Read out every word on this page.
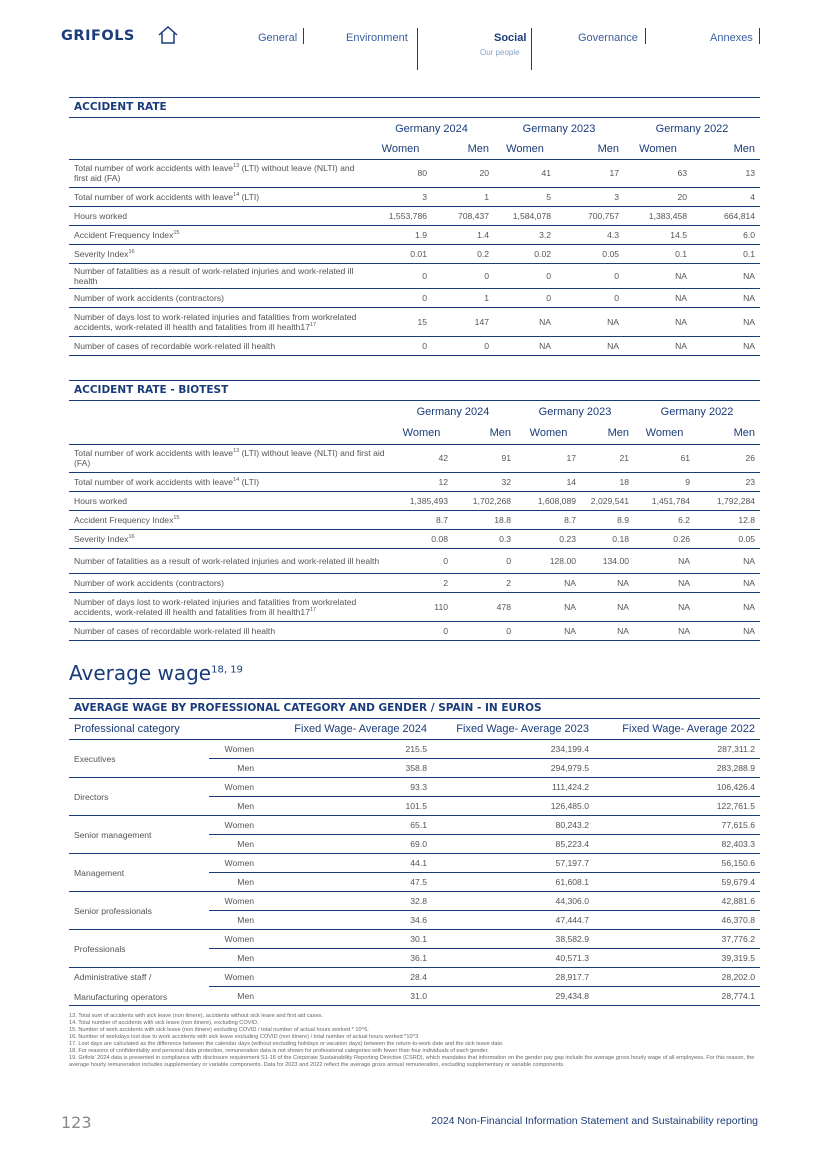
GRIFOLS	General	Environment	Social
Our people
Governance	Annexes
ACCIDENT RATE
	Germany 2024		Germany 2023		Germany 2022	
	Women	Men	Women	Men	Women	Men
Total number of work accidents with leave$^{13}$ (LTI) without leave (NLTI) and first aid (FA)	80	20	41	17	63	13
Total number of work accidents with leave$^{14}$ (LTI)	3	1	5	3	20	4
Hours worked	1,553,786	708,437	1,584,078	700,757	1,383,458	664,814
Accident Frequency Index$^{15}$	1.9	1.4	3.2	4.3	14.5	6.0
Severity Index$^{16}$	0.01	0.2	0.02	0.05	0.1	0.1
Number of fatalities as a result of work-related injuries and work-related ill health	0	0	0	0	NA	NA
Number of work accidents (contractors)	0	1	0	0	NA	NA
Number of days lost to work-related injuries and fatalities from workrelated accidents, work-related ill health and fatalities from ill $health17^{17}$	15	147	NA	NA	NA	NA
Number of cases of recordable work-related ill health	0	0	NA	NA	NA	NA
ACCIDENT RATE - BIOTEST
	Germany 2024		Germany 2023		Germany 2022	
	Women	Men	Women	Men	Women	Men
Total number of work accidents with leave$^{13}$ (LTI) without leave (NLTI) and first aid (FA)	42	91	17	21	61	26
Total number of work accidents with leave$^{14}$ (LTI)	12	32	14	18	9	23
Hours worked	1,385,493	1,702,268	1,608,089	2,029,541	1,451,784	1,792,284
Accident Frequency Index$^{15}$	8.7	18.8	8.7	8.9	6.2	12.8
Severity Index$^{16}$	0.08	0.3	0.23	0.18	0.26	0.05
Number of fatalities as a result of work-related injuries and work-related ill health	0	0	128.00	134.00	NA	NA
Number of work accidents (contractors)	2	2	NA	NA	NA	NA
Number of days lost to work-related injuries and fatalities from workrelated accidents, work-related ill health and fatalities from ill $health17^{17}$	110	478	NA	NA	NA	NA
Number of cases of recordable work-related ill health	0	0	NA	NA	NA	NA
Average wage$^{18, 19}$
AVERAGE WAGE BY PROFESSIONAL CATEGORY AND GENDER / SPAIN - IN EUROS
Professional category		Fixed Wage- Average 2024	Fixed Wage- Average 2023	Fixed Wage- Average 2022

Executives	Women	215.5	234,199.4	287,311.2
	Men	358.8	294,979.5	283,288.9

Directors	Women	93.3	111,424.2	106,426.4
	Men	101.5	126,485.0	122,761.5

Senior management	Women	65.1	80,243.2	77,615.6
	Men	69.0	85,223.4	82,403.3

Management	Women	44.1	57,197.7	56,150.6
	Men	47.5	61,608.1	59,679.4

Senior professionals	Women	32.8	44,306.0	42,881.6
	Men	34.6	47,444.7	46,370.8

Professionals	Women	30.1	38,582.9	37,776.2
	Men	36.1	40,571.3	39,319.5

Administrative staff /
Manufacturing operators	Women	28.4	28,917.7	28,202.0
	Men	31.0	29,434.8	28,774.1
13. Total sum of accidents with sick leave (non itinere), accidents without sick leave and first aid cases.
14. Total number of accidents with sick leave (non itinere), excluding COVID.
15. Number of work accidents with sick leave (non itinere) excluding COVID / total number of actual hours worked * 10^6.
16. Number of workdays lost due to work accidents with sick leave excluding COVID (non itinere) / total number of actual hours worked *10^3
17. Lost days are calculated as the difference between the calendar days (without excluding holidays or vacation days) between the return-to-work date and the sick leave date.
18. For reasons of confidentiality and personal data protection, remuneration data is not shown for professional categories with fewer than four individuals of each gender.
19. Grifols' 2024 data is presented in compliance with disclosure requirement S1-16 of the Corporate Sustainability Reporting Directive (CSRD), which mandates that information on the gender pay gap include the average gross hourly wage of all employees. For this reason, the average hourly remuneration includes supplementary or variable components. Data for 2023 and 2022 reflect the average gross annual remuneration, excluding supplementary or variable components.
123	2024 Non-Financial Information Statement and Sustainability reporting
